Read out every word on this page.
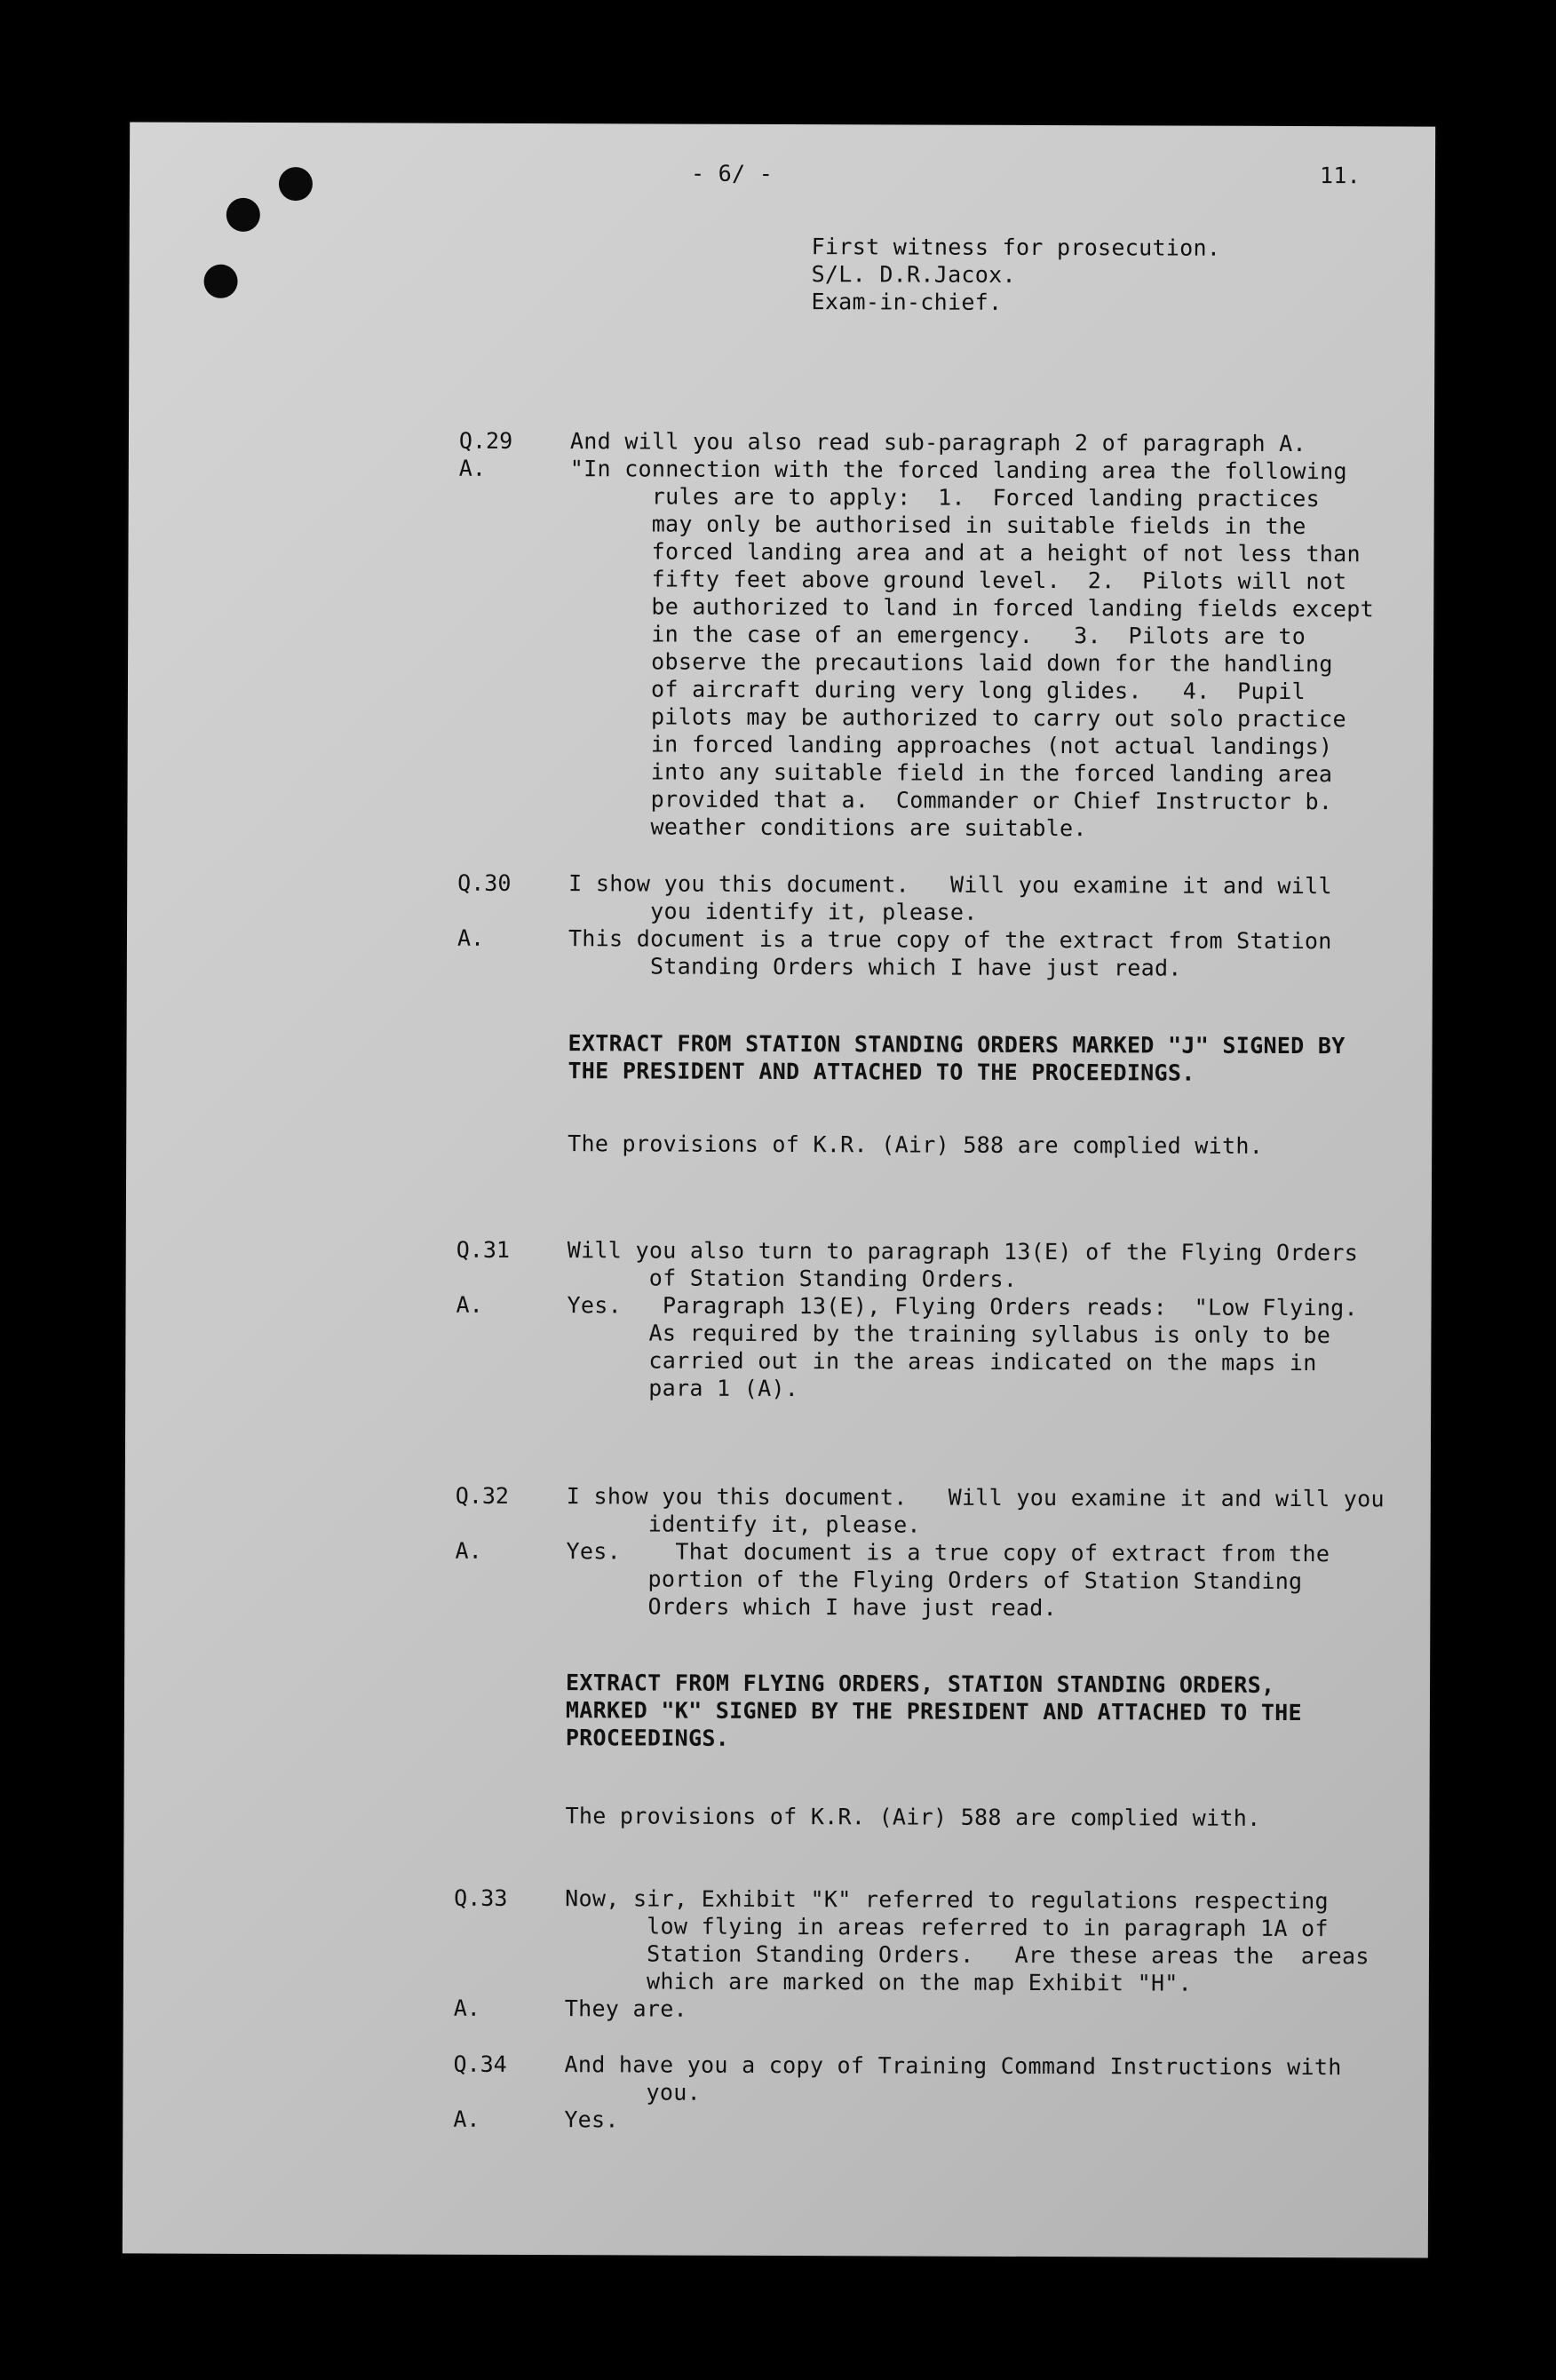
- 6/ -	11.
First witness for prosecution.
S/L. D.R.Jacox.
Exam-in-chief.
Q.29	And will you also read sub-paragraph 2 of paragraph A.
A.	"In connection with the forced landing area the following
rules are to apply:  1.  Forced landing practices
may only be authorised in suitable fields in the
forced landing area and at a height of not less than
fifty feet above ground level.  2.  Pilots will not
be authorized to land in forced landing fields except
in the case of an emergency.   3.  Pilots are to
observe the precautions laid down for the handling
of aircraft during very long glides.   4.  Pupil
pilots may be authorized to carry out solo practice
in forced landing approaches (not actual landings)
into any suitable field in the forced landing area
provided that a.  Commander or Chief Instructor b.
weather conditions are suitable.
Q.30	I show you this document.   Will you examine it and will
you identify it, please.
A.	This document is a true copy of the extract from Station
Standing Orders which I have just read.
EXTRACT FROM STATION STANDING ORDERS MARKED "J" SIGNED BY
THE PRESIDENT AND ATTACHED TO THE PROCEEDINGS.
The provisions of K.R. (Air) 588 are complied with.
Q.31	Will you also turn to paragraph 13(E) of the Flying Orders
of Station Standing Orders.
A.	Yes.   Paragraph 13(E), Flying Orders reads:  "Low Flying.
As required by the training syllabus is only to be
carried out in the areas indicated on the maps in
para 1 (A).
Q.32	I show you this document.   Will you examine it and will you
identify it, please.
A.	Yes.    That document is a true copy of extract from the
portion of the Flying Orders of Station Standing
Orders which I have just read.
EXTRACT FROM FLYING ORDERS, STATION STANDING ORDERS,
MARKED "K" SIGNED BY THE PRESIDENT AND ATTACHED TO THE
PROCEEDINGS.
The provisions of K.R. (Air) 588 are complied with.
Q.33	Now, sir, Exhibit "K" referred to regulations respecting
low flying in areas referred to in paragraph 1A of
Station Standing Orders.   Are these areas the  areas
which are marked on the map Exhibit "H".
A.	They are.
Q.34	And have you a copy of Training Command Instructions with
you.
A.	Yes.
